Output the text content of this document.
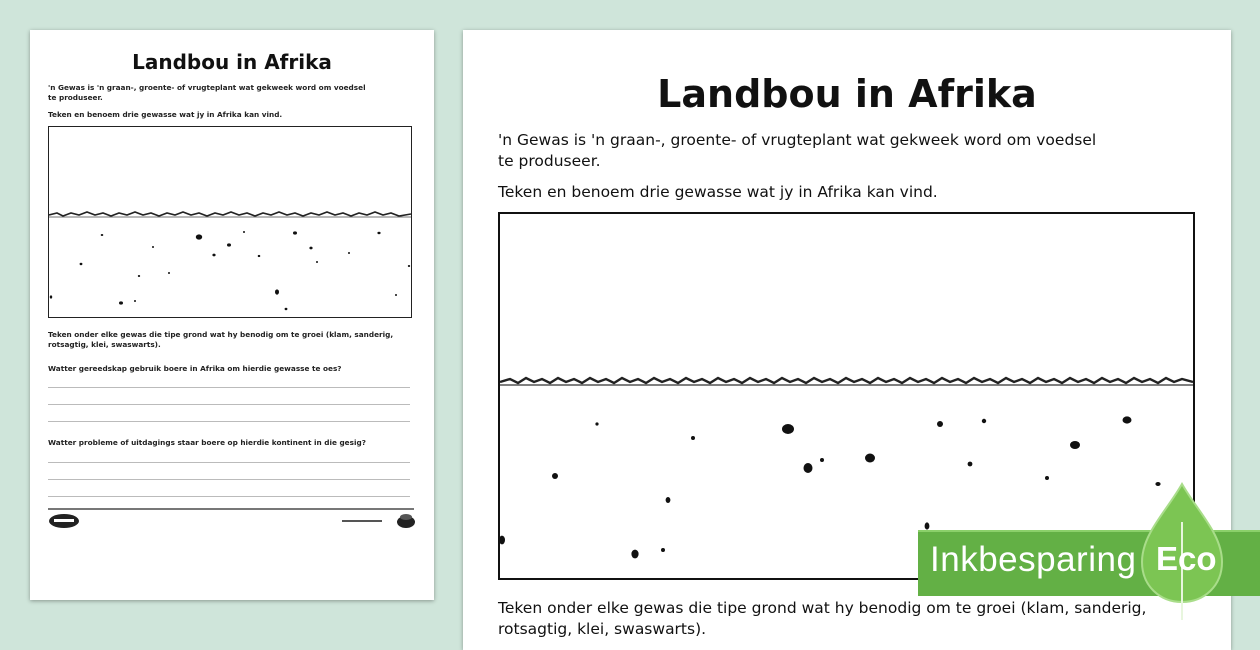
Landbou in Afrika
'n Gewas is 'n graan-, groente- of vrugteplant wat gekweek word om voedsel
te produseer.
Teken en benoem drie gewasse wat jy in Afrika kan vind.
Teken onder elke gewas die tipe grond wat hy benodig om te groei (klam, sanderig,
rotsagtig, klei, swaswarts).
Watter gereedskap gebruik boere in Afrika om hierdie gewasse te oes?
Watter probleme of uitdagings staar boere op hierdie kontinent in die gesig?
Landbou in Afrika
'n Gewas is 'n graan-, groente- of vrugteplant wat gekweek word om voedsel
te produseer.
Teken en benoem drie gewasse wat jy in Afrika kan vind.
Teken onder elke gewas die tipe grond wat hy benodig om te groei (klam, sanderig,
rotsagtig, klei, swaswarts).
Inkbesparing Eco
